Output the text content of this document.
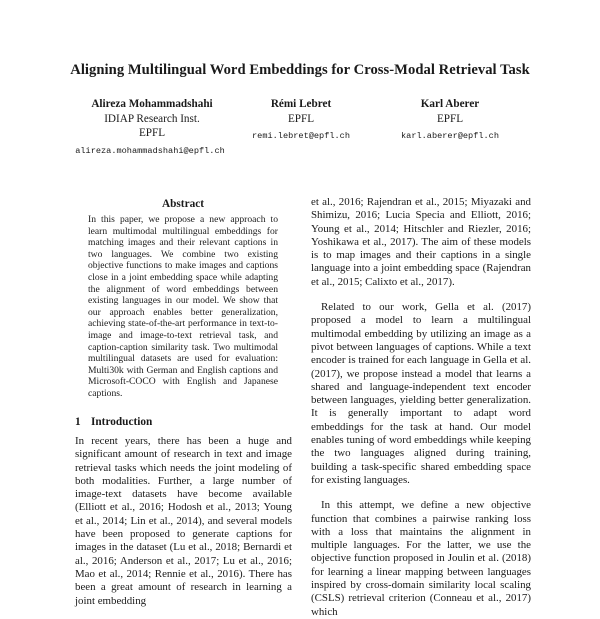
Aligning Multilingual Word Embeddings for Cross-Modal Retrieval Task
Alireza Mohammadshahi
IDIAP Research Inst.
EPFL
alireza.mohammadshahi@epfl.ch
Rémi Lebret
EPFL
remi.lebret@epfl.ch
Karl Aberer
EPFL
karl.aberer@epfl.ch
Abstract
In this paper, we propose a new approach to learn multimodal multilingual embeddings for matching images and their relevant captions in two languages. We combine two existing objective functions to make images and captions close in a joint embedding space while adapting the alignment of word embeddings between existing languages in our model. We show that our approach enables better generalization, achieving state-of-the-art performance in text-to-image and image-to-text retrieval task, and caption-caption similarity task. Two multimodal multilingual datasets are used for evaluation: Multi30k with German and English captions and Microsoft-COCO with English and Japanese captions.
1 Introduction

In recent years, there has been a huge and significant amount of research in text and image retrieval tasks which needs the joint modeling of both modalities. Further, a large number of image-text datasets have become available (Elliott et al., 2016; Hodosh et al., 2013; Young et al., 2014; Lin et al., 2014), and several models have been proposed to generate captions for images in the dataset (Lu et al., 2018; Bernardi et al., 2016; Anderson et al., 2017; Lu et al., 2016; Mao et al., 2014; Rennie et al., 2016). There has been a great amount of research in learning a joint embedding

et al., 2016; Rajendran et al., 2015; Miyazaki and Shimizu, 2016; Lucia Specia and Elliott, 2016; Young et al., 2014; Hitschler and Riezler, 2016; Yoshikawa et al., 2017). The aim of these models is to map images and their captions in a single language into a joint embedding space (Rajendran et al., 2015; Calixto et al., 2017).

Related to our work, Gella et al. (2017) proposed a model to learn a multilingual multimodal embedding by utilizing an image as a pivot between languages of captions. While a text encoder is trained for each language in Gella et al. (2017), we propose instead a model that learns a shared and language-independent text encoder between languages, yielding better generalization. It is generally important to adapt word embeddings for the task at hand. Our model enables tuning of word embeddings while keeping the two languages aligned during training, building a task-specific shared embedding space for existing languages.

In this attempt, we define a new objective function that combines a pairwise ranking loss with a loss that maintains the alignment in multiple languages. For the latter, we use the objective function proposed in Joulin et al. (2018) for learning a linear mapping between languages inspired by cross-domain similarity local scaling (CSLS) retrieval criterion (Conneau et al., 2017) which
